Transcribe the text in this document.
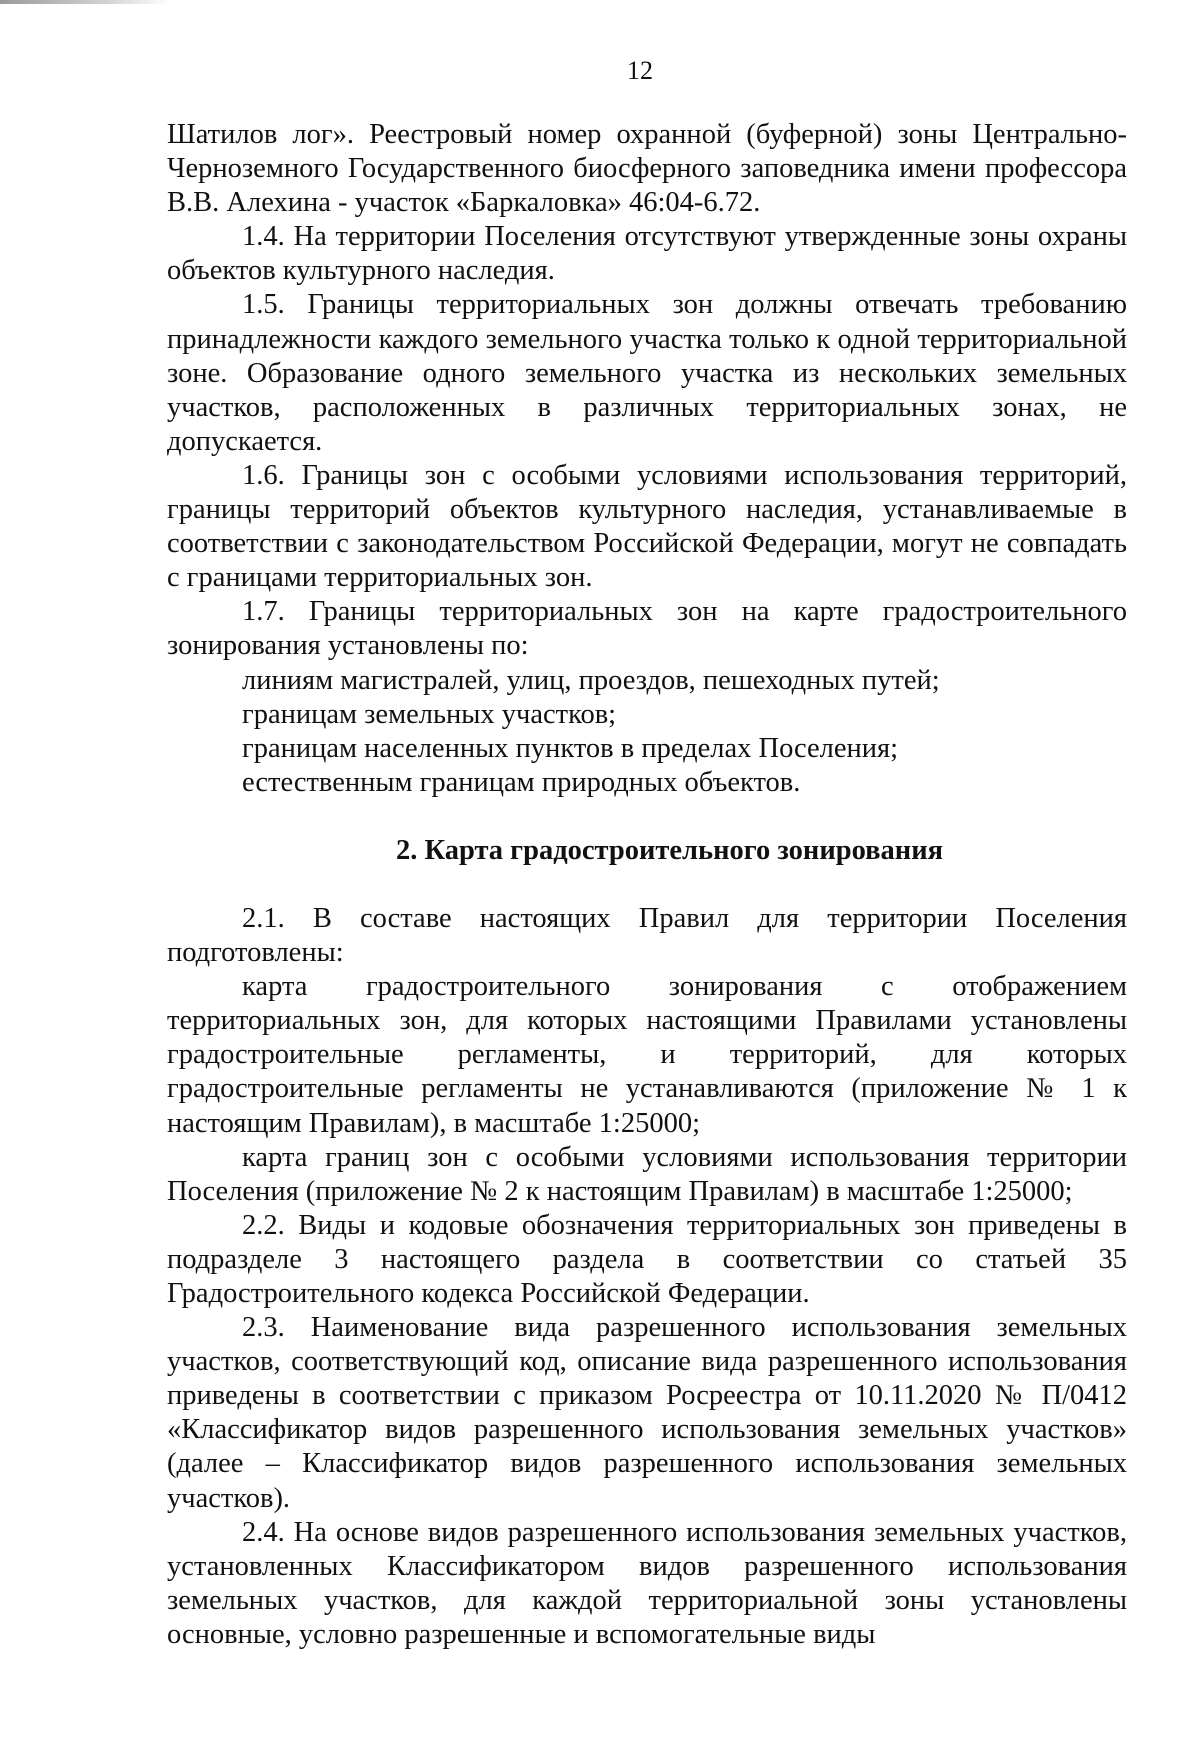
12

Шатилов лог». Реестровый номер охранной (буферной) зоны Центрально-Черноземного Государственного биосферного заповедника имени профессора В.В. Алехина - участок «Баркаловка» 46:04-6.72.

1.4. На территории Поселения отсутствуют утвержденные зоны охраны объектов культурного наследия.

1.5. Границы территориальных зон должны отвечать требованию принадлежности каждого земельного участка только к одной территориальной зоне. Образование одного земельного участка из нескольких земельных участков, расположенных в различных территориальных зонах, не допускается.

1.6. Границы зон с особыми условиями использования территорий, границы территорий объектов культурного наследия, устанавливаемые в соответствии с законодательством Российской Федерации, могут не совпадать с границами территориальных зон.

1.7. Границы территориальных зон на карте градостроительного зонирования установлены по:

линиям магистралей, улиц, проездов, пешеходных путей;

границам земельных участков;

границам населенных пунктов в пределах Поселения;

естественным границам природных объектов.

2. Карта градостроительного зонирования

2.1. В составе настоящих Правил для территории Поселения подготовлены:

карта градостроительного зонирования с отображением территориальных зон, для которых настоящими Правилами установлены градостроительные регламенты, и территорий, для которых градостроительные регламенты не устанавливаются (приложение № 1 к настоящим Правилам), в масштабе 1:25000;

карта границ зон с особыми условиями использования территории Поселения (приложение № 2 к настоящим Правилам) в масштабе 1:25000;

2.2. Виды и кодовые обозначения территориальных зон приведены в подразделе 3 настоящего раздела в соответствии со статьей 35 Градостроительного кодекса Российской Федерации.

2.3. Наименование вида разрешенного использования земельных участков, соответствующий код, описание вида разрешенного использования приведены в соответствии с приказом Росреестра от 10.11.2020 № П/0412 «Классификатор видов разрешенного использования земельных участков» (далее – Классификатор видов разрешенного использования земельных участков).

2.4. На основе видов разрешенного использования земельных участков, установленных Классификатором видов разрешенного использования земельных участков, для каждой территориальной зоны установлены основные, условно разрешенные и вспомогательные виды
